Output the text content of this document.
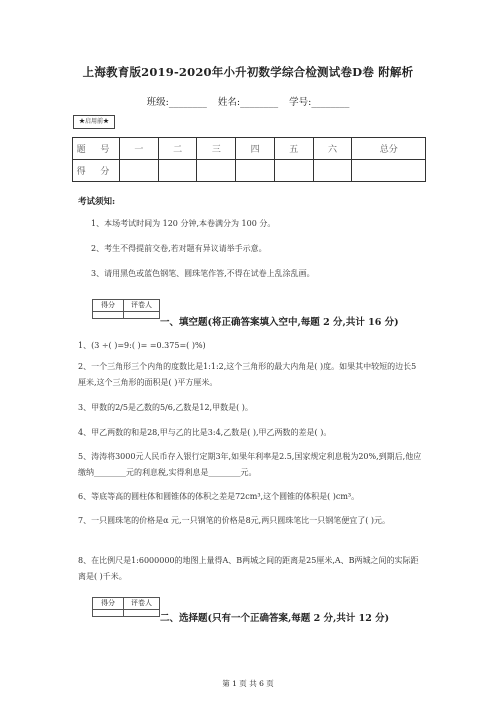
上海教育版2019-2020年小升初数学综合检测试卷D卷 附解析
班级:________ 姓名:________ 学号:________
★启用前★
题 号	一	二	三	四	五	六	总分
得 分							
考试须知:
1、本场考试时间为 120 分钟,本卷满分为 100 分。
2、考生不得提前交卷,若对题有异议请举手示意。
3、请用黑色或蓝色钢笔、圆珠笔作答,不得在试卷上乱涂乱画。
得分	评卷人
一、填空题(将正确答案填入空中,每题 2 分,共计 16 分)
1、(3 ÷( )=9:( )= =0.375=( )%)
2、一个三角形三个内角的度数比是1:1:2,这个三角形的最大内角是( )度。如果其中较短的边长5厘米,这个三角形的面积是( )平方厘米。
3、甲数的2/5是乙数的5/6,乙数是12,甲数是( )。
4、甲乙两数的和是28,甲与乙的比是3:4,乙数是( ),甲乙两数的差是( )。
5、涛涛将3000元人民币存入银行定期3年,如果年利率是2.5,国家规定利息税为20%,到期后,他应缴纳________元的利息税,实得利息是________元。
6、等底等高的圆柱体和圆锥体的体积之差是72cm³,这个圆锥的体积是( )cm³。
7、一只圆珠笔的价格是α 元,一只钢笔的价格是8元,两只圆珠笔比一只钢笔便宜了( )元。
8、在比例尺是1:6000000的地图上量得A、B两城之间的距离是25厘米,A、B两城之间的实际距离是( )千米。
得分	评卷人
二、选择题(只有一个正确答案,每题 2 分,共计 12 分)
第 1 页 共 6 页
